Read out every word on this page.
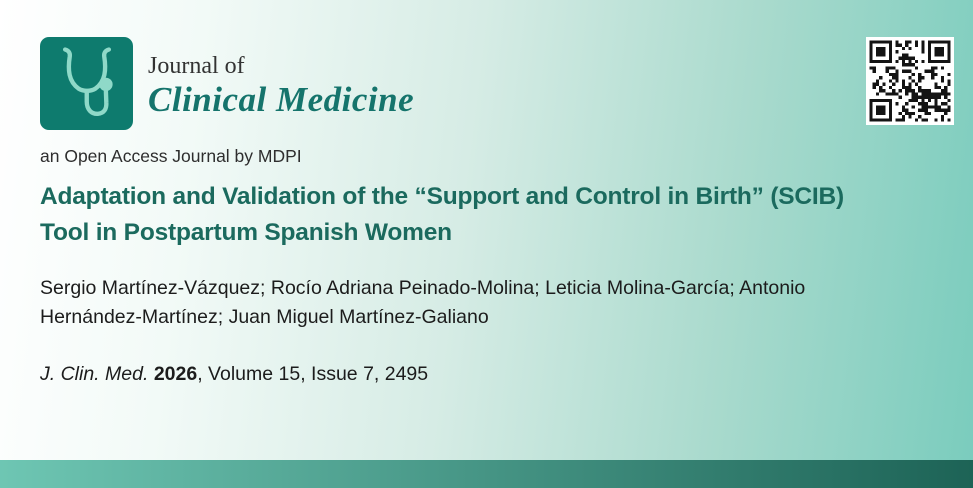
Journal of
Clinical Medicine
an Open Access Journal by MDPI
Adaptation and Validation of the “Support and Control in Birth” (SCIB)
Tool in Postpartum Spanish Women
Sergio Martínez-Vázquez; Rocío Adriana Peinado-Molina; Leticia Molina-García; Antonio
Hernández-Martínez; Juan Miguel Martínez-Galiano
J. Clin. Med. 2026, Volume 15, Issue 7, 2495
